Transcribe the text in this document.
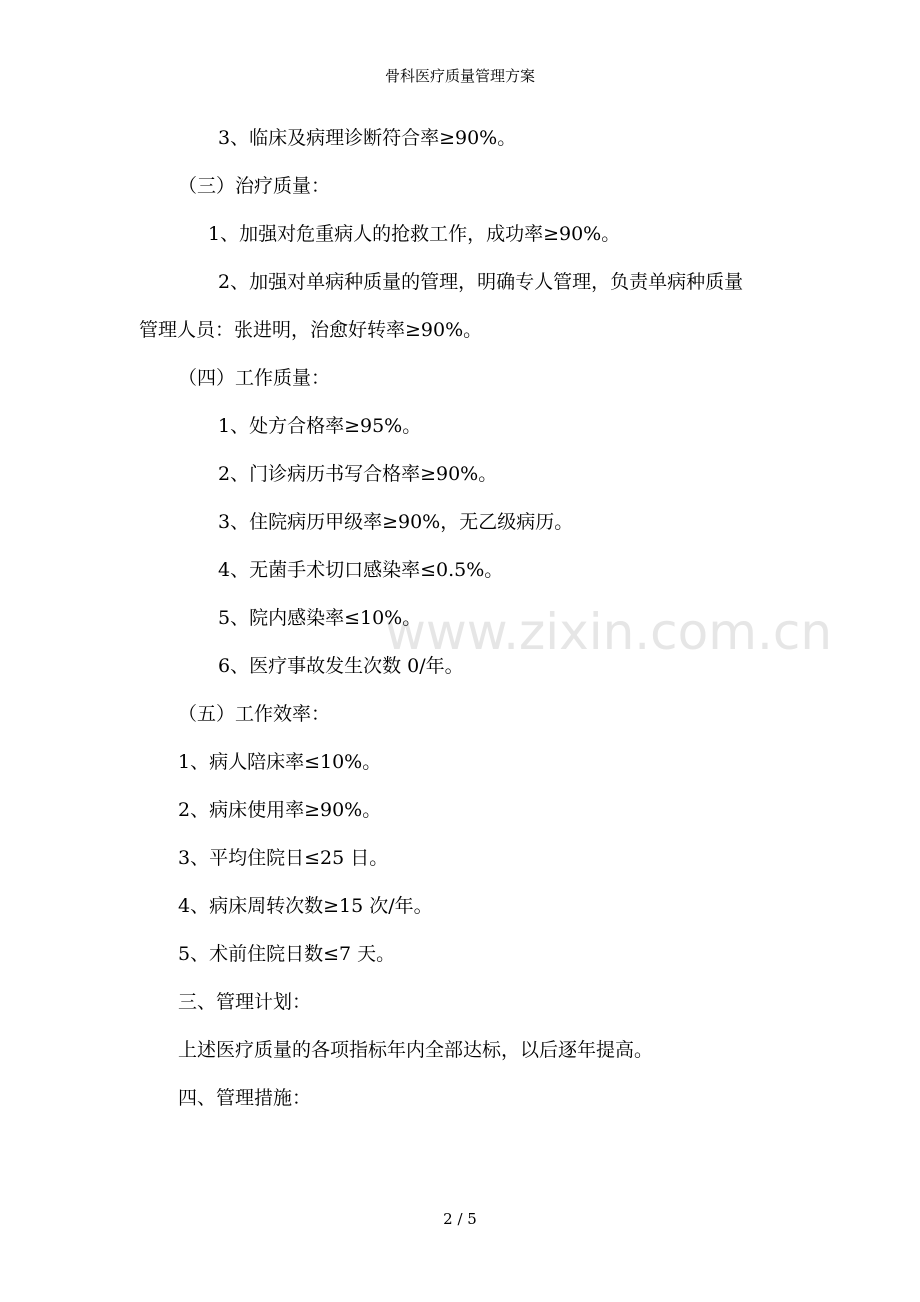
骨科医疗质量管理方案
www.zixin.com.cn
3、临床及病理诊断符合率≥90%。
（三）治疗质量：
1、加强对危重病人的抢救工作，成功率≥90%。
2、加强对单病种质量的管理，明确专人管理，负责单病种质量
管理人员：张进明，治愈好转率≥90%。
（四）工作质量：
1、处方合格率≥95%。
2、门诊病历书写合格率≥90%。
3、住院病历甲级率≥90%，无乙级病历。
4、无菌手术切口感染率≤0.5%。
5、院内感染率≤10%。
6、医疗事故发生次数 0/年。
（五）工作效率：
1、病人陪床率≤10%。
2、病床使用率≥90%。
3、平均住院日≤25 日。
4、病床周转次数≥15 次/年。
5、术前住院日数≤7 天。
三、管理计划：
上述医疗质量的各项指标年内全部达标，以后逐年提高。
四、管理措施：
2 / 5
